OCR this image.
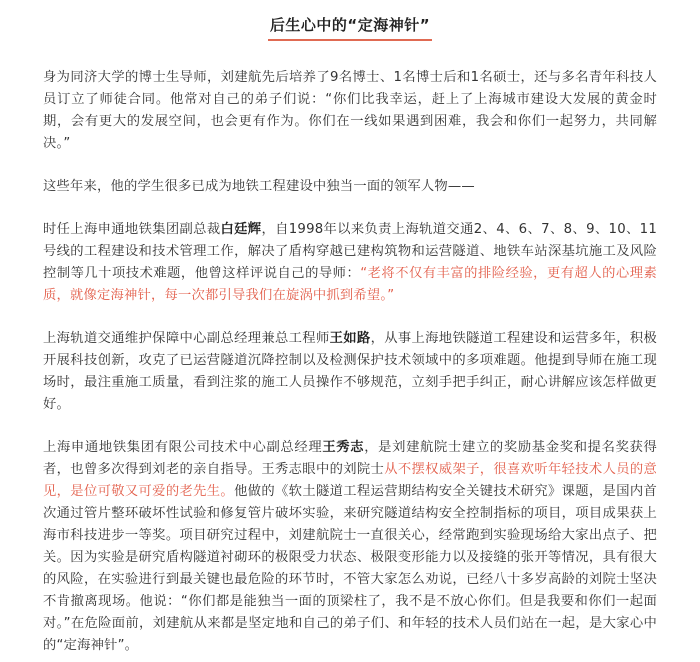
后生心中的“定海神针”

身为同济大学的博士生导师，刘建航先后培养了9名博士、1名博士后和1名硕士，还与多名青年科技人员订立了师徒合同。他常对自己的弟子们说：“你们比我幸运，赶上了上海城市建设大发展的黄金时期，会有更大的发展空间，也会更有作为。你们在一线如果遇到困难，我会和你们一起努力，共同解决。”

这些年来，他的学生很多已成为地铁工程建设中独当一面的领军人物——

时任上海申通地铁集团副总裁白廷辉，自1998年以来负责上海轨道交通2、4、6、7、8、9、10、11号线的工程建设和技术管理工作，解决了盾构穿越已建构筑物和运营隧道、地铁车站深基坑施工及风险控制等几十项技术难题，他曾这样评说自己的导师：“老将不仅有丰富的排险经验，更有超人的心理素质，就像定海神针，每一次都引导我们在旋涡中抓到希望。”

上海轨道交通维护保障中心副总经理兼总工程师王如路，从事上海地铁隧道工程建设和运营多年，积极开展科技创新，攻克了已运营隧道沉降控制以及检测保护技术领域中的多项难题。他提到导师在施工现场时，最注重施工质量，看到注浆的施工人员操作不够规范，立刻手把手纠正，耐心讲解应该怎样做更好。

上海申通地铁集团有限公司技术中心副总经理王秀志，是刘建航院士建立的奖励基金奖和提名奖获得者，也曾多次得到刘老的亲自指导。王秀志眼中的刘院士从不摆权威架子，很喜欢听年轻技术人员的意见，是位可敬又可爱的老先生。他做的《软土隧道工程运营期结构安全关键技术研究》课题，是国内首次通过管片整环破坏性试验和修复管片破坏实验，来研究隧道结构安全控制指标的项目，项目成果获上海市科技进步一等奖。项目研究过程中，刘建航院士一直很关心，经常跑到实验现场给大家出点子、把关。因为实验是研究盾构隧道衬砌环的极限受力状态、极限变形能力以及接缝的张开等情况，具有很大的风险，在实验进行到最关键也最危险的环节时，不管大家怎么劝说，已经八十多岁高龄的刘院士坚决不肯撤离现场。他说：“你们都是能独当一面的顶梁柱了，我不是不放心你们。但是我要和你们一起面对。”在危险面前，刘建航从来都是坚定地和自己的弟子们、和年轻的技术人员们站在一起，是大家心中的“定海神针”。
